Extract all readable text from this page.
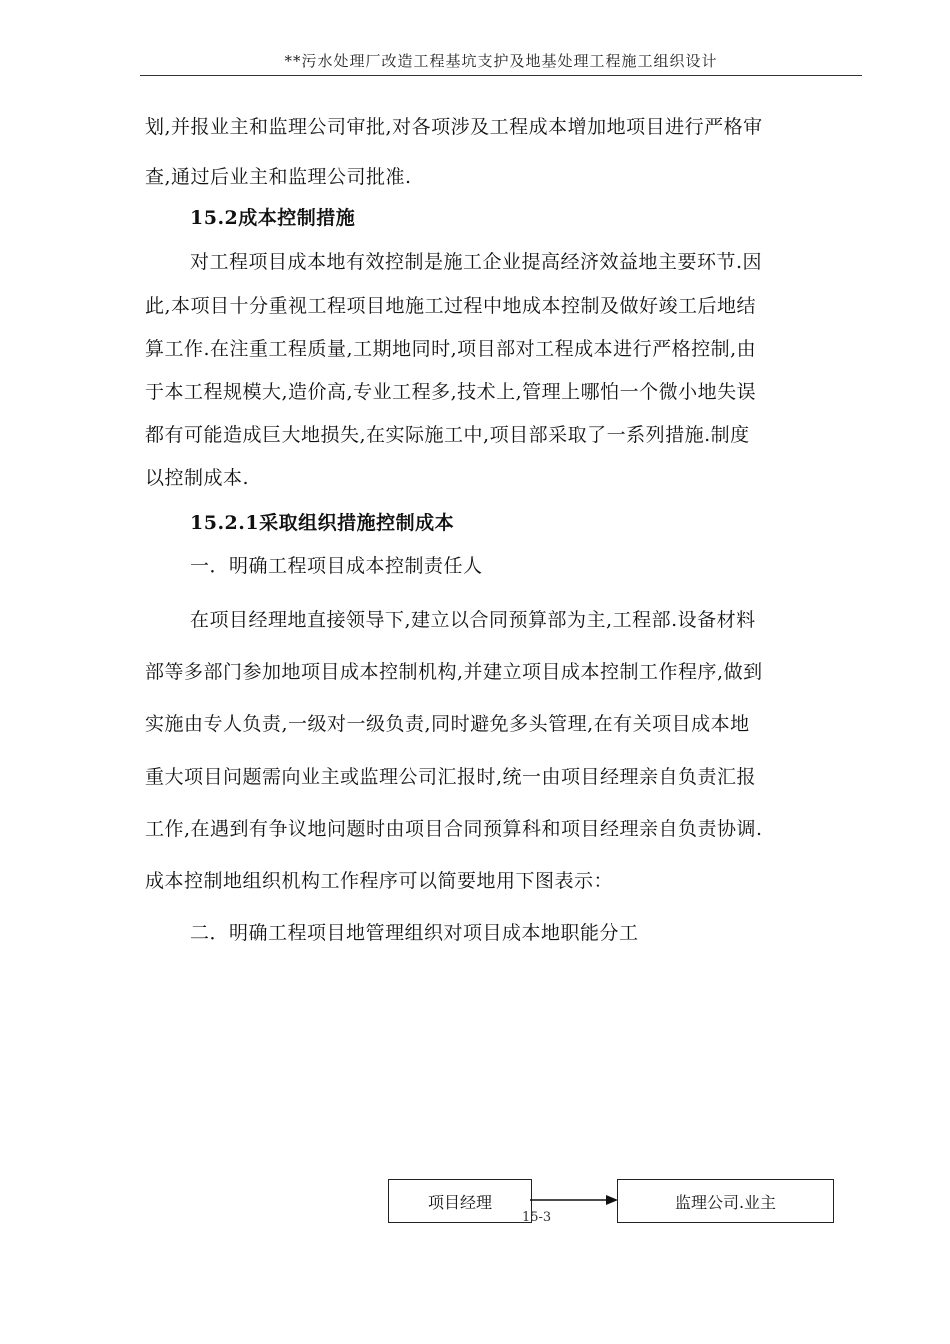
**污水处理厂改造工程基坑支护及地基处理工程施工组织设计
划,并报业主和监理公司审批,对各项涉及工程成本增加地项目进行严格审
查,通过后业主和监理公司批准.
15.2成本控制措施
对工程项目成本地有效控制是施工企业提高经济效益地主要环节.因
此,本项目十分重视工程项目地施工过程中地成本控制及做好竣工后地结
算工作.在注重工程质量,工期地同时,项目部对工程成本进行严格控制,由
于本工程规模大,造价高,专业工程多,技术上,管理上哪怕一个微小地失误
都有可能造成巨大地损失,在实际施工中,项目部采取了一系列措施.制度
以控制成本.
15.2.1采取组织措施控制成本
一．明确工程项目成本控制责任人
在项目经理地直接领导下,建立以合同预算部为主,工程部.设备材料
部等多部门参加地项目成本控制机构,并建立项目成本控制工作程序,做到
实施由专人负责,一级对一级负责,同时避免多头管理,在有关项目成本地
重大项目问题需向业主或监理公司汇报时,统一由项目经理亲自负责汇报
工作,在遇到有争议地问题时由项目合同预算科和项目经理亲自负责协调.
成本控制地组织机构工作程序可以简要地用下图表示：
二．明确工程项目地管理组织对项目成本地职能分工
项目经理	监理公司.业主
15-3
